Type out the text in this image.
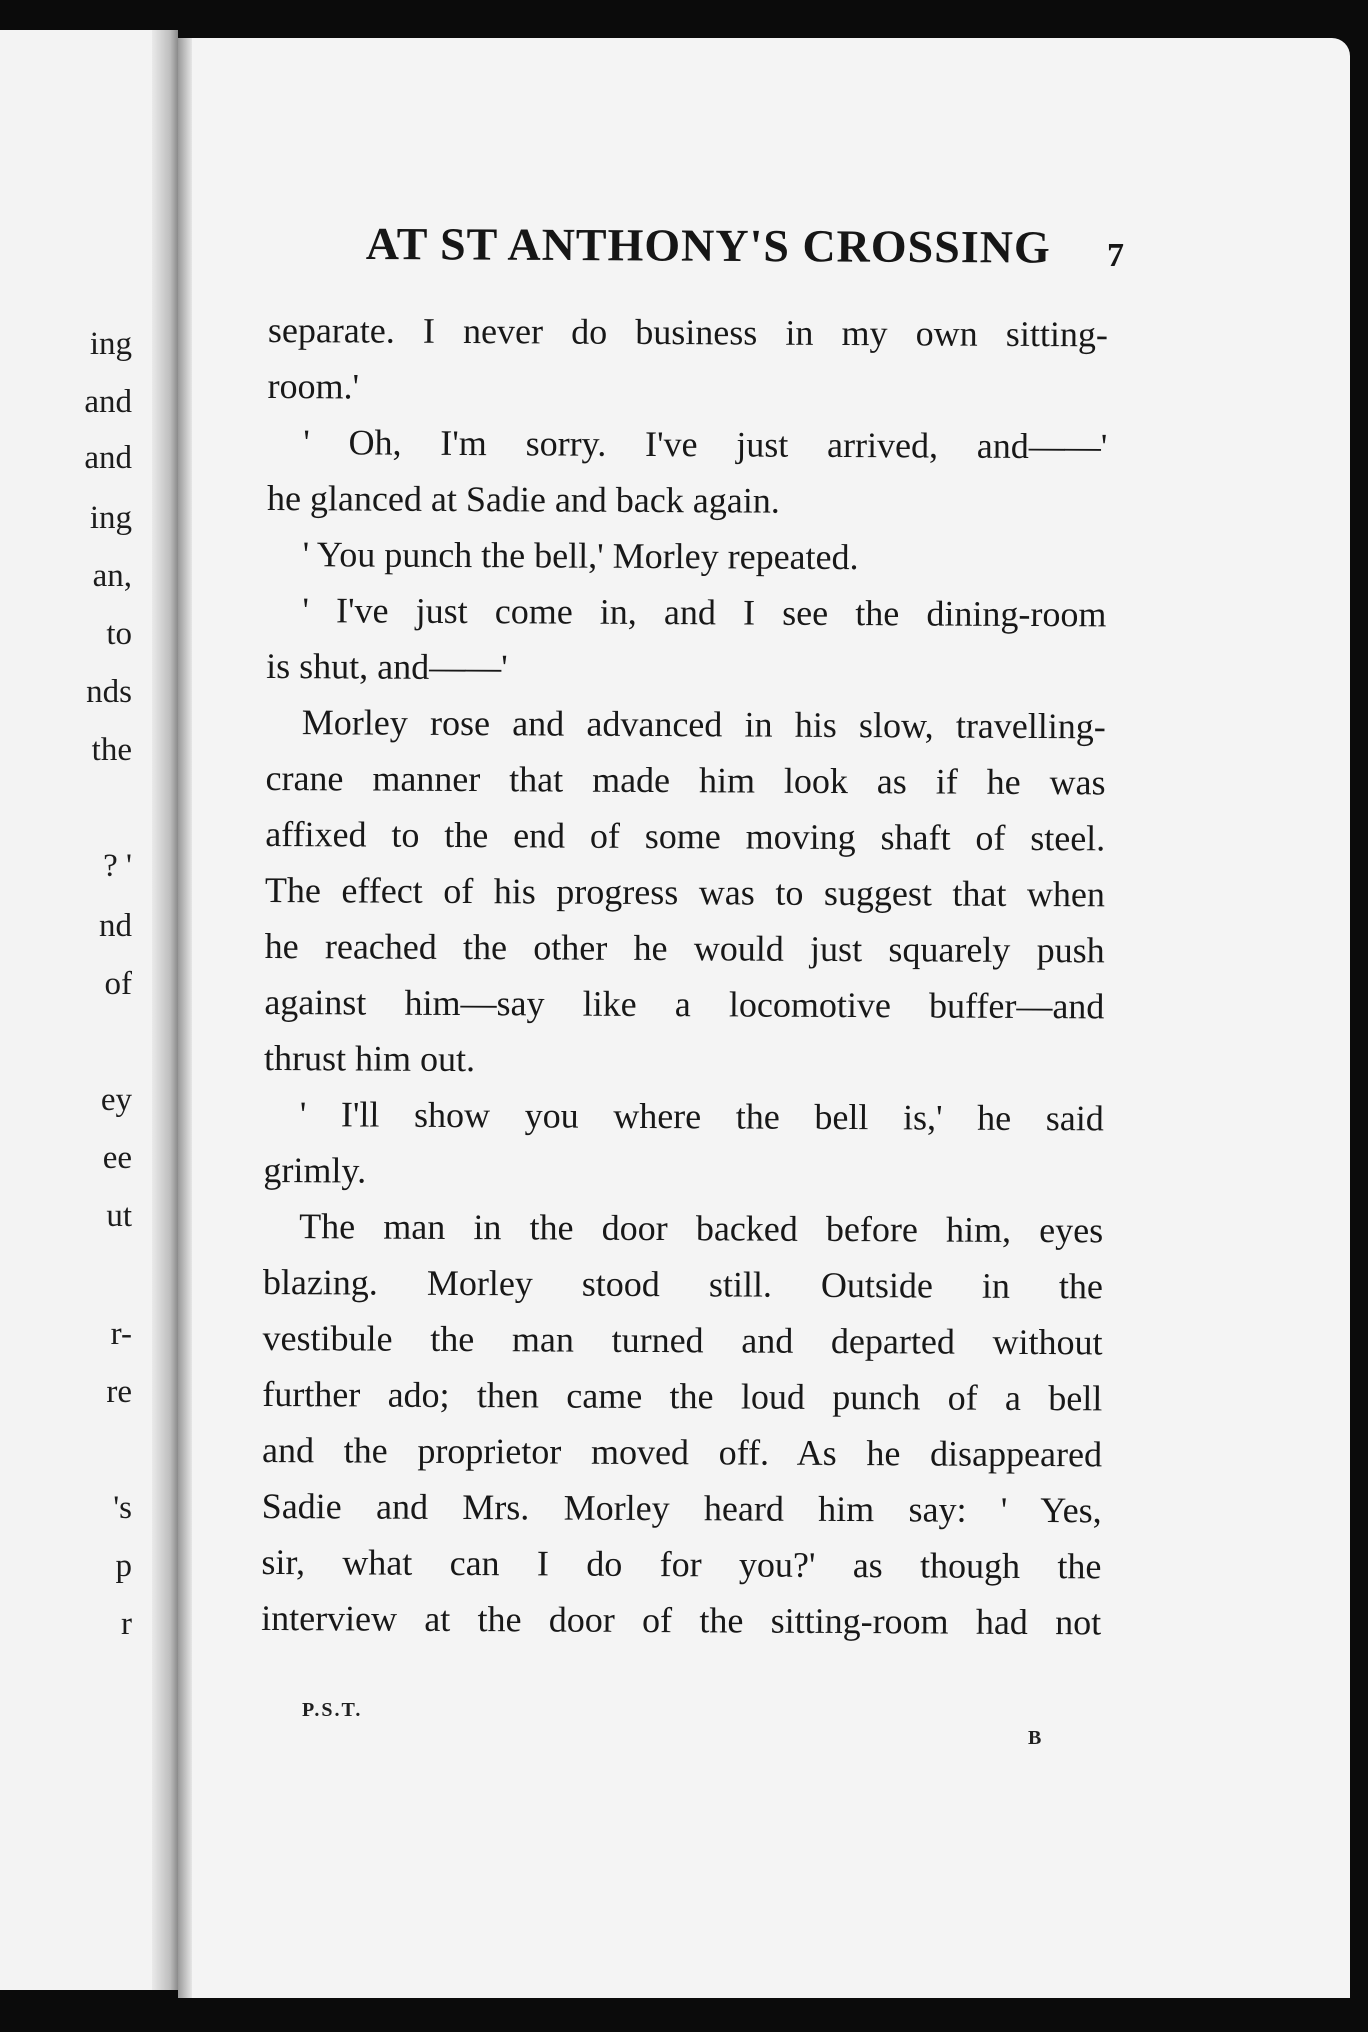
ing
and
and
ing
an,
to
nds
the
? '
nd
of
ey
ee
ut
r-
re
's
p
r
AT ST ANTHONY'S CROSSING 7
separate. I never do business in my own sitting-
room.'
' Oh, I'm sorry. I've just arrived, and——'
he glanced at Sadie and back again.
' You punch the bell,' Morley repeated.
' I've just come in, and I see the dining-room
is shut, and——'
Morley rose and advanced in his slow, travelling-
crane manner that made him look as if he was
affixed to the end of some moving shaft of steel.
The effect of his progress was to suggest that when
he reached the other he would just squarely push
against him—say like a locomotive buffer—and
thrust him out.
' I'll show you where the bell is,' he said
grimly.
The man in the door backed before him, eyes
blazing. Morley stood still. Outside in the
vestibule the man turned and departed without
further ado; then came the loud punch of a bell
and the proprietor moved off. As he disappeared
Sadie and Mrs. Morley heard him say: ' Yes,
sir, what can I do for you?' as though the
interview at the door of the sitting-room had not
P.S.T.
B
